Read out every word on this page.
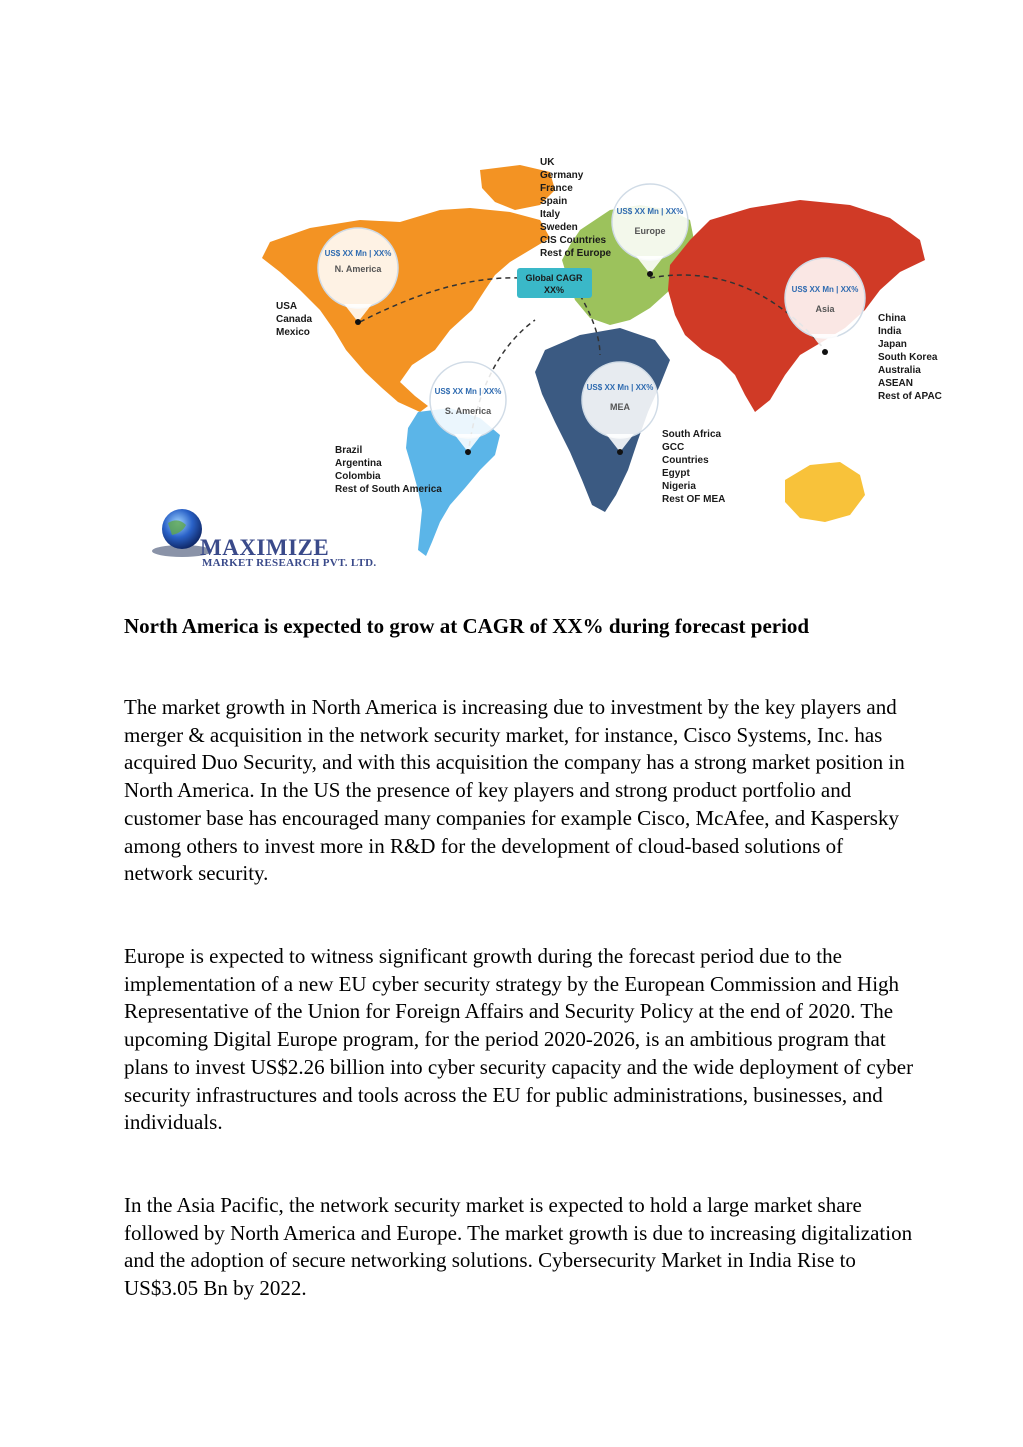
Global CAGR
XX%
US$ XX Mn | XX%
N. America
US$ XX Mn | XX%
Europe
US$ XX Mn | XX%
Asia
US$ XX Mn | XX%
S. America
US$ XX Mn | XX%
MEA
UK
Germany
France
Spain
Italy
Sweden
CIS Countries
Rest of Europe
USA
Canada
Mexico
China
India
Japan
South Korea
Australia
ASEAN
Rest of APAC
South Africa
GCC
Countries
Egypt
Nigeria
Rest OF MEA
Brazil
Argentina
Colombia
Rest of South America
MAXIMIZE
MARKET RESEARCH PVT. LTD.
North America is expected to grow at CAGR of XX% during forecast period

The market growth in North America is increasing due to investment by the key players and merger & acquisition in the network security market, for instance, Cisco Systems, Inc. has acquired Duo Security, and with this acquisition the company has a strong market position in North America. In the US the presence of key players and strong product portfolio and customer base has encouraged many companies for example Cisco, McAfee, and Kaspersky among others to invest more in R&D for the development of cloud-based solutions of network security.

Europe is expected to witness significant growth during the forecast period due to the implementation of a new EU cyber security strategy by the European Commission and High Representative of the Union for Foreign Affairs and Security Policy at the end of 2020. The upcoming Digital Europe program, for the period 2020-2026, is an ambitious program that plans to invest US$2.26 billion into cyber security capacity and the wide deployment of cyber security infrastructures and tools across the EU for public administrations, businesses, and individuals.

In the Asia Pacific, the network security market is expected to hold a large market share followed by North America and Europe. The market growth is due to increasing digitalization and the adoption of secure networking solutions. Cybersecurity Market in India Rise to US$3.05 Bn by 2022.
